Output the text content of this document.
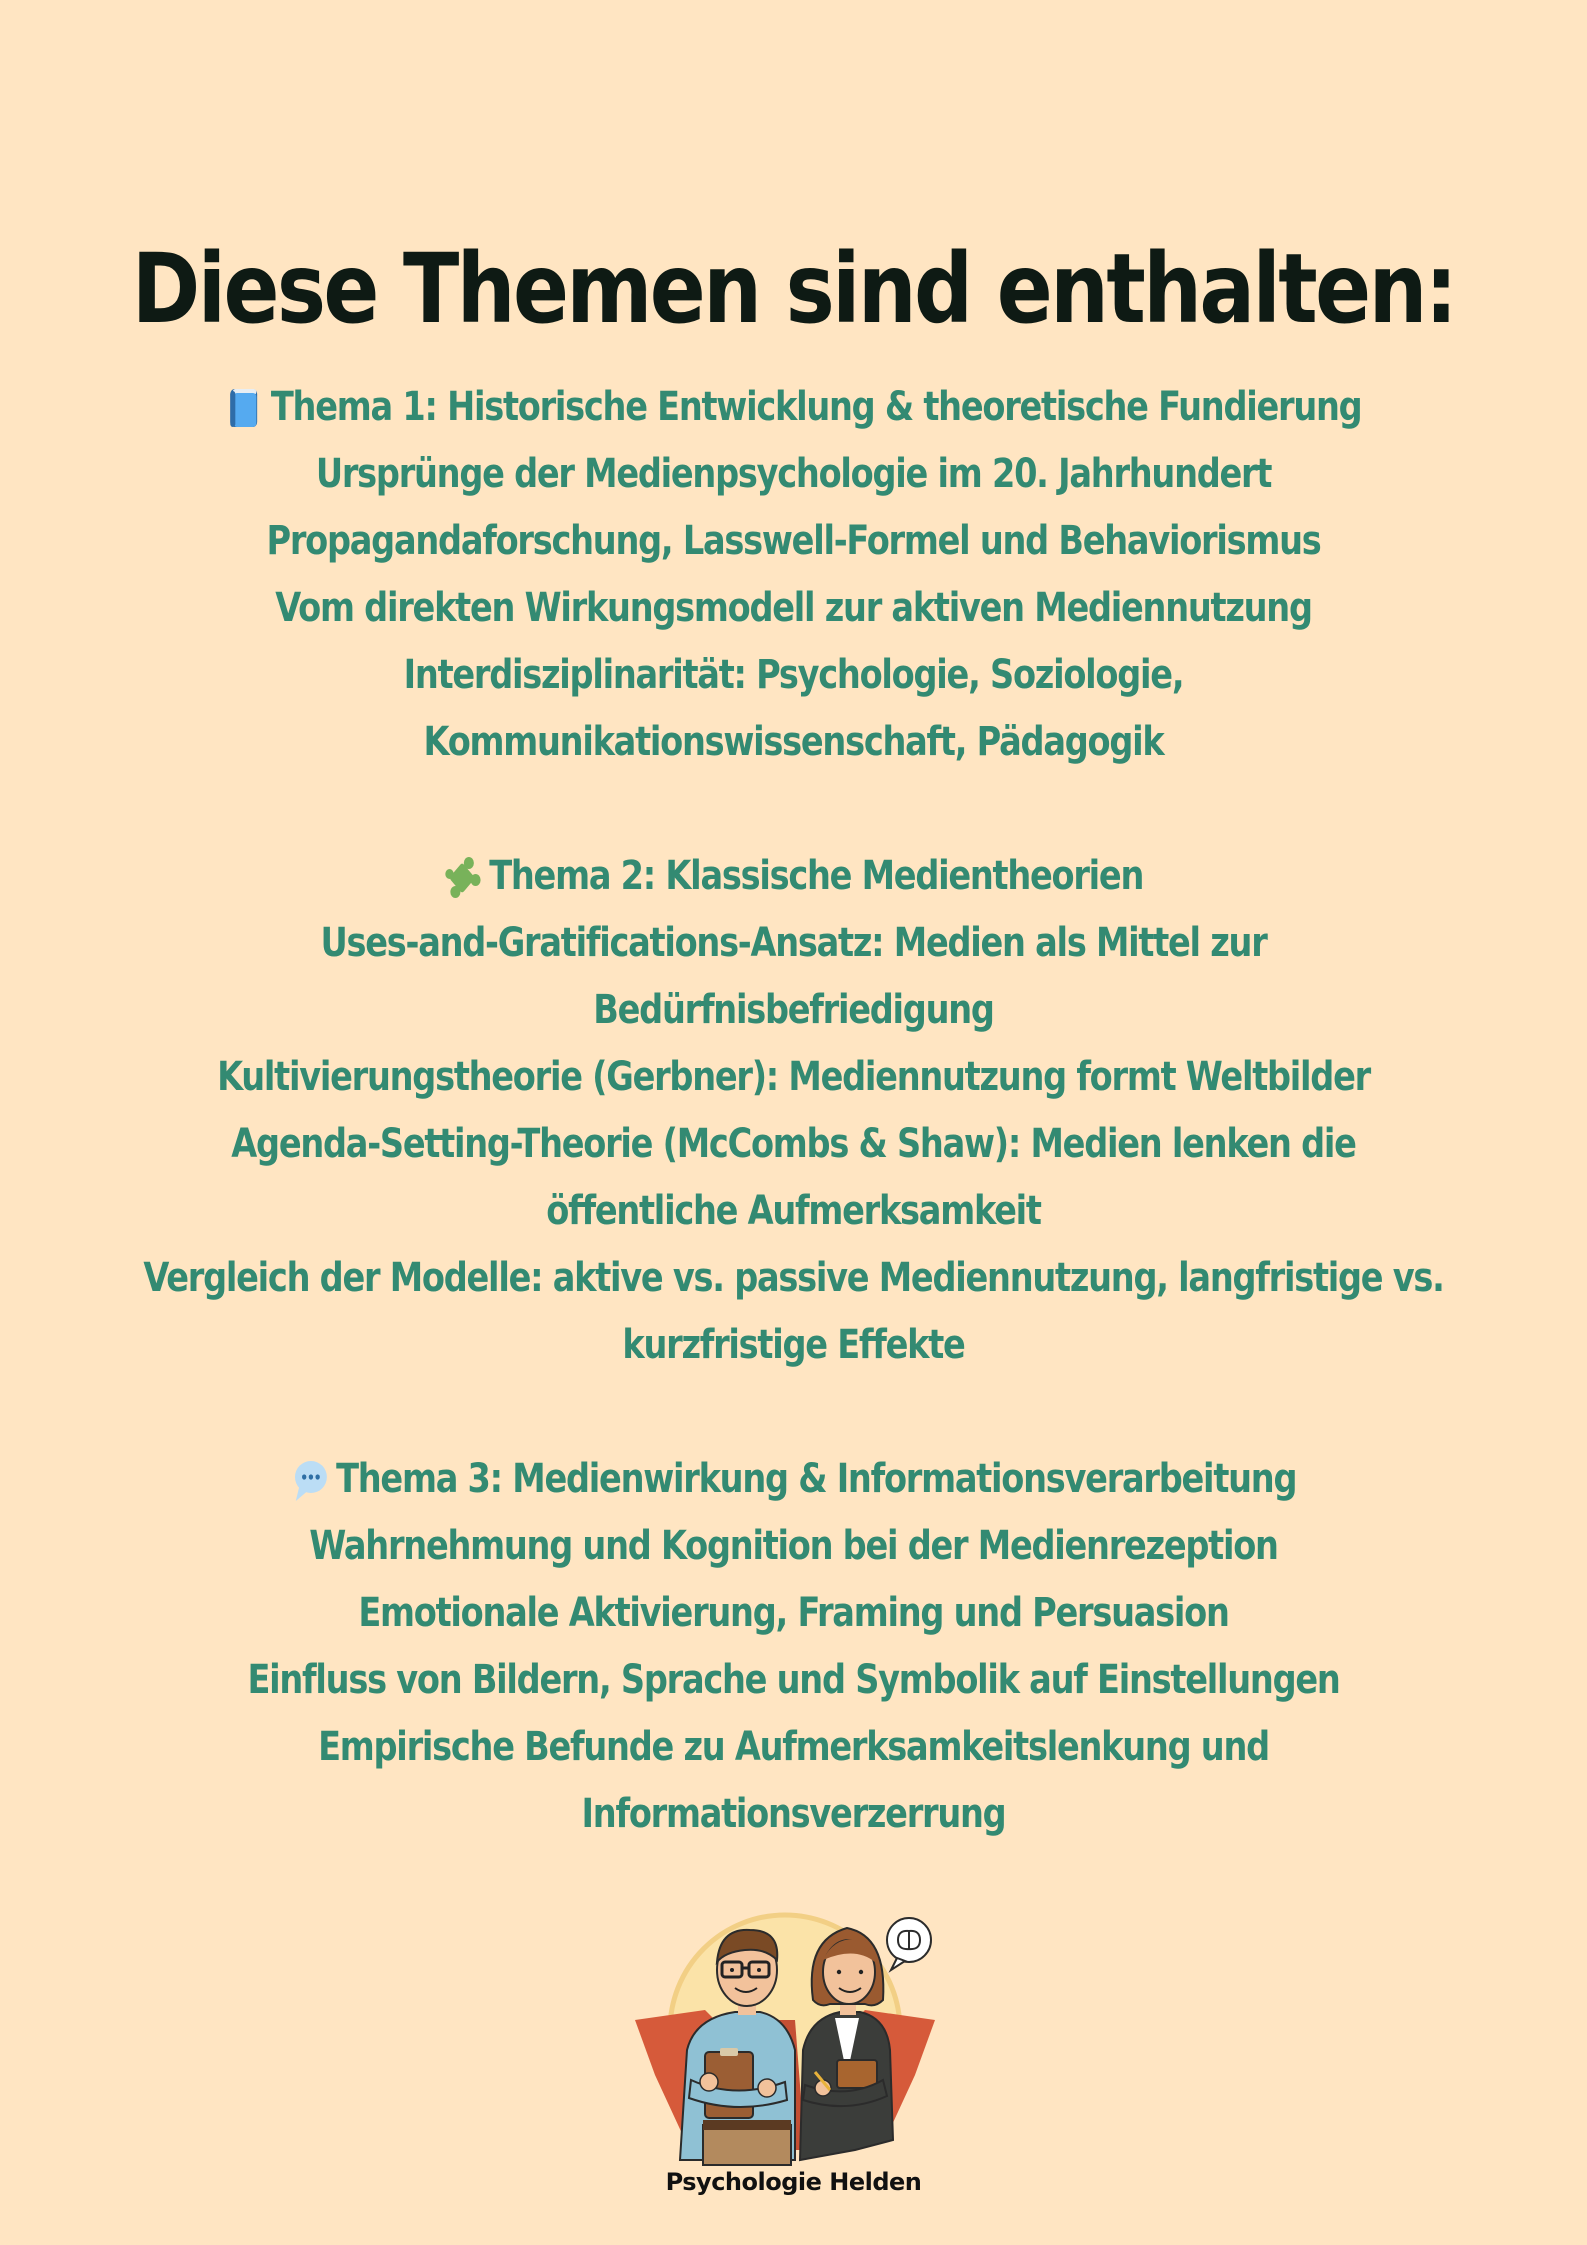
Diese Themen sind enthalten:
Thema 1: Historische Entwicklung & theoretische Fundierung
Ursprünge der Medienpsychologie im 20. Jahrhundert
Propagandaforschung, Lasswell-Formel und Behaviorismus
Vom direkten Wirkungsmodell zur aktiven Mediennutzung
Interdisziplinarität: Psychologie, Soziologie,
Kommunikationswissenschaft, Pädagogik
Thema 2: Klassische Medientheorien
Uses-and-Gratifications-Ansatz: Medien als Mittel zur
Bedürfnisbefriedigung
Kultivierungstheorie (Gerbner): Mediennutzung formt Weltbilder
Agenda-Setting-Theorie (McCombs & Shaw): Medien lenken die
öffentliche Aufmerksamkeit
Vergleich der Modelle: aktive vs. passive Mediennutzung, langfristige vs.
kurzfristige Effekte
Thema 3: Medienwirkung & Informationsverarbeitung
Wahrnehmung und Kognition bei der Medienrezeption
Emotionale Aktivierung, Framing und Persuasion
Einfluss von Bildern, Sprache und Symbolik auf Einstellungen
Empirische Befunde zu Aufmerksamkeitslenkung und
Informationsverzerrung
Psychologie Helden
